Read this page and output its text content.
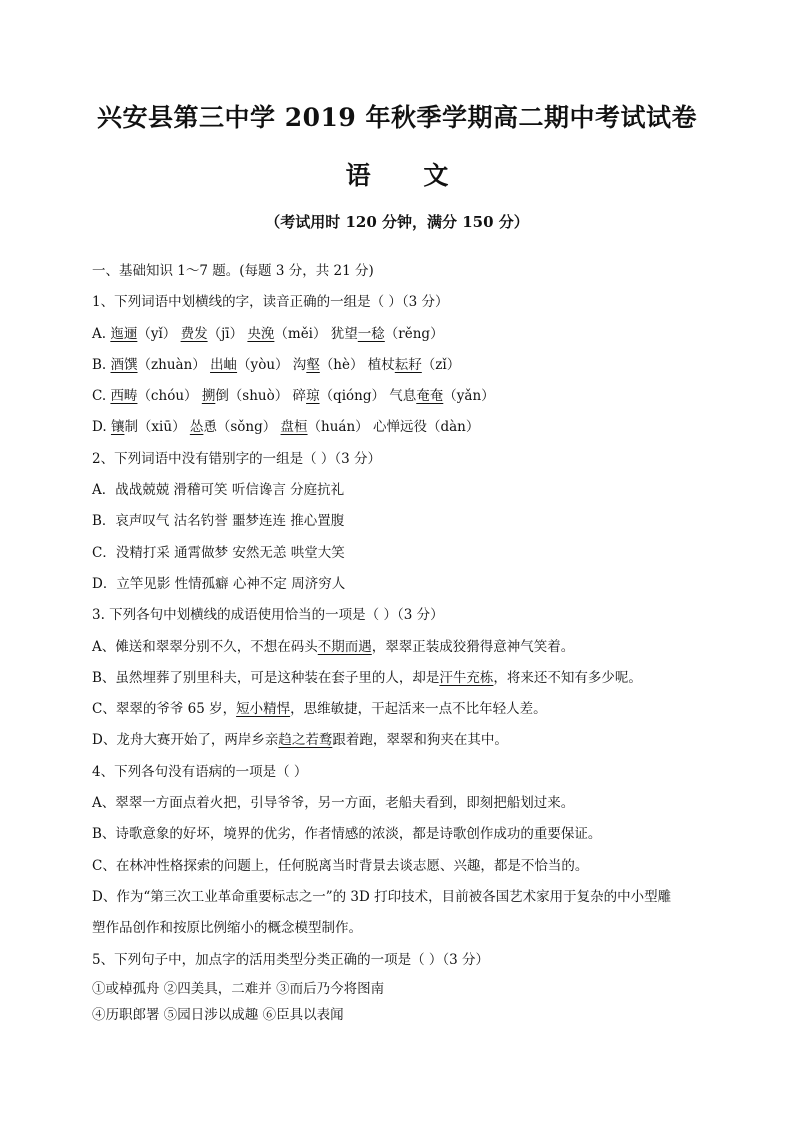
兴安县第三中学 2019 年秋季学期高二期中考试试卷
语 文
（考试用时 120 分钟，满分 150 分）
一、基础知识 1～7 题。(每题 3 分，共 21 分)
1、下列词语中划横线的字，读音正确的一组是（ ）（3 分）
A. 迤逦（yǐ） 费发（jī） 央浼（měi） 犹望一稔（rěng）
B. 酒馔（zhuàn） 出岫（yòu） 沟壑（hè） 植杖耘耔（zǐ）
C. 西畴（chóu） 搠倒（shuò） 碎琼（qióng） 气息奄奄（yǎn）
D. 镶制（xiū） 怂恿（sǒng） 盘桓（huán） 心惮远役（dàn）
2、下列词语中没有错别字的一组是（ ）（3 分）
A．战战兢兢 滑稽可笑 听信谗言 分庭抗礼
B．哀声叹气 沽名钓誉 噩梦连连 推心置腹
C．没精打采 通霄做梦 安然无恙 哄堂大笑
D．立竿见影 性情孤癖 心神不定 周济穷人
3. 下列各句中划横线的成语使用恰当的一项是（ ）（3 分）
A、傩送和翠翠分别不久，不想在码头不期而遇，翠翠正装成狡猾得意神气笑着。
B、虽然埋葬了别里科夫，可是这种装在套子里的人，却是汗牛充栋，将来还不知有多少呢。
C、翠翠的爷爷 65 岁，短小精悍，思维敏捷，干起活来一点不比年轻人差。
D、龙舟大赛开始了，两岸乡亲趋之若鹜跟着跑，翠翠和狗夹在其中。
4、下列各句没有语病的一项是（ ）
A、翠翠一方面点着火把，引导爷爷，另一方面，老船夫看到，即刻把船划过来。
B、诗歌意象的好坏，境界的优劣，作者情感的浓淡，都是诗歌创作成功的重要保证。
C、在林冲性格探索的问题上，任何脱离当时背景去谈志愿、兴趣，都是不恰当的。
D、作为“第三次工业革命重要标志之一”的 3D 打印技术，目前被各国艺术家用于复杂的中小型雕
塑作品创作和按原比例缩小的概念模型制作。
5、下列句子中，加点字的活用类型分类正确的一项是（ ）（3 分）
①或棹孤舟 ②四美具，二难并 ③而后乃今将图南
④历职郎署 ⑤园日涉以成趣 ⑥臣具以表闻
